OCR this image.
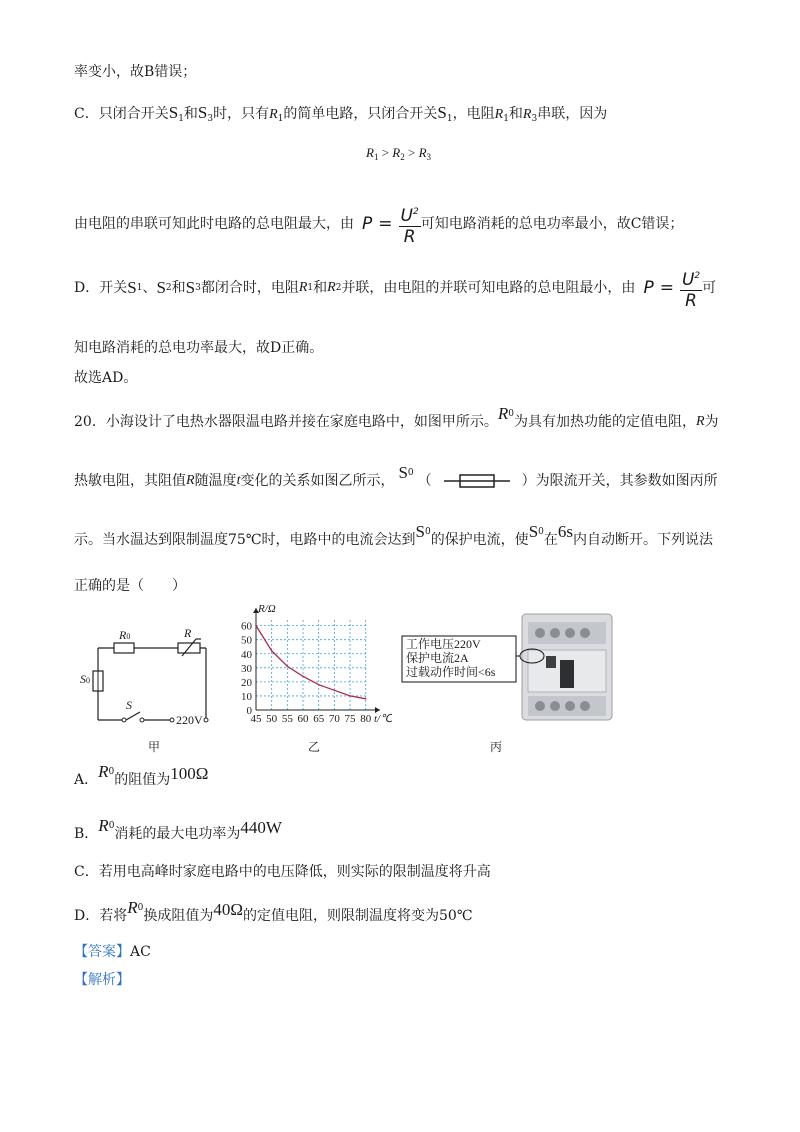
率变小，故B错误；
C．只闭合开关$S_1$和$S_3$时，只有$R_1$的简单电路，只闭合开关$S_1$，电阻$R_1$和$R_3$串联，因为
$R_1 > R_2 > R_3$
由电阻的串联可知此时电路的总电阻最大，由 $P = \frac{U^2}{R}$ 可知电路消耗的总电功率最小，故C错误；
D．开关 S 1 、 S 2 和 S 3 都闭合时，电阻 R 1 和 R 2 并联，由电阻的并联可知电路的总电阻最小，由 $P = \frac{U^2}{R}$ 可
知电路消耗的总电功率最大，故D正确。
故选AD。
20．小海设计了电热水器限温电路并接在家庭电路中，如图甲所示。 R 0 为具有加热功能的定值电阻， R 为
热敏电阻，其阻值 R 随温度 t 变化的关系如图乙所示， S 0 （	）为限流开关，其参数如图丙所
示。当水温达到限制温度75℃时，电路中的电流会达到 S 0 的保护电流，使 S 0 在 6s 内自动断开。下列说法
正确的是（　　）
R0	R
S0
S
220V
甲
45 50 55 60 65 70 75 80
0
10
20
30
40
50
60
R/Ω
t/℃
乙
工作电压220V
保护电流2A
过载动作时间<6s
丙
A． R 0 的阻值为 100Ω
B． R 0 消耗的最大电功率为 440W
C．若用电高峰时家庭电路中的电压降低，则实际的限制温度将升高
D．若将 R 0 换成阻值为 40Ω 的定值电阻，则限制温度将变为50℃
【答案】AC
【解析】
